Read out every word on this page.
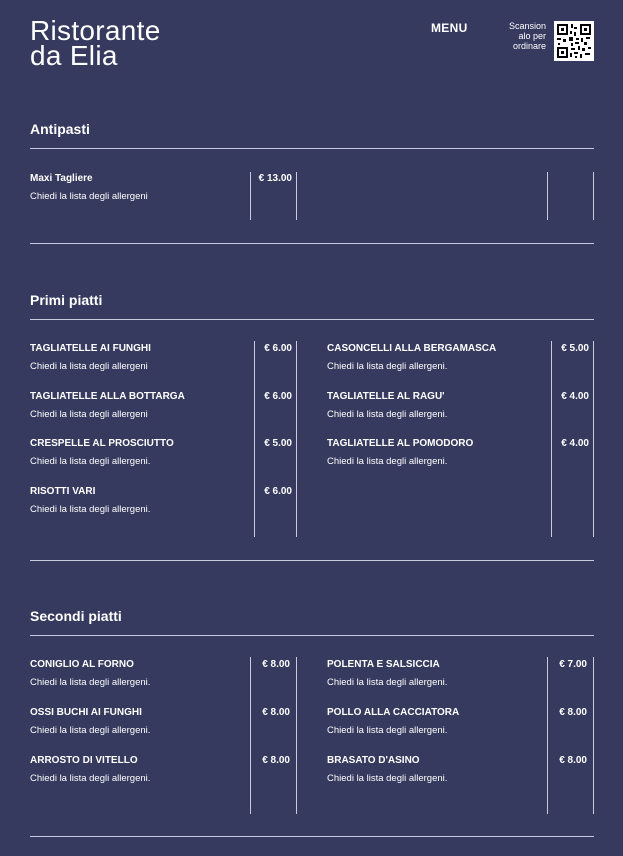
Ristorante
da Elia
MENU	Scansion
alo per
ordinare
Antipasti
Maxi Tagliere
Chiedi la lista degli allergeni
€ 13.00
Primi piatti
TAGLIATELLE AI FUNGHI
Chiedi la lista degli allergeni
€ 6.00
TAGLIATELLE ALLA BOTTARGA
Chiedi la lista degli allergeni
€ 6.00
CRESPELLE AL PROSCIUTTO
Chiedi la lista degli allergeni.
€ 5.00
RISOTTI VARI
Chiedi la lista degli allergeni.
€ 6.00
CASONCELLI ALLA BERGAMASCA
Chiedi la lista degli allergeni.
€ 5.00
TAGLIATELLE AL RAGU'
Chiedi la lista degli allergeni.
€ 4.00
TAGLIATELLE AL POMODORO
Chiedi la lista degli allergeni.
€ 4.00
Secondi piatti
CONIGLIO AL FORNO
Chiedi la lista degli allergeni.
€ 8.00
OSSI BUCHI AI FUNGHI
Chiedi la lista degli allergeni.
€ 8.00
ARROSTO DI VITELLO
Chiedi la lista degli allergeni.
€ 8.00
POLENTA E SALSICCIA
Chiedi la lista degli allergeni.
€ 7.00
POLLO ALLA CACCIATORA
Chiedi la lista degli allergeni.
€ 8.00
BRASATO D'ASINO
Chiedi la lista degli allergeni.
€ 8.00
